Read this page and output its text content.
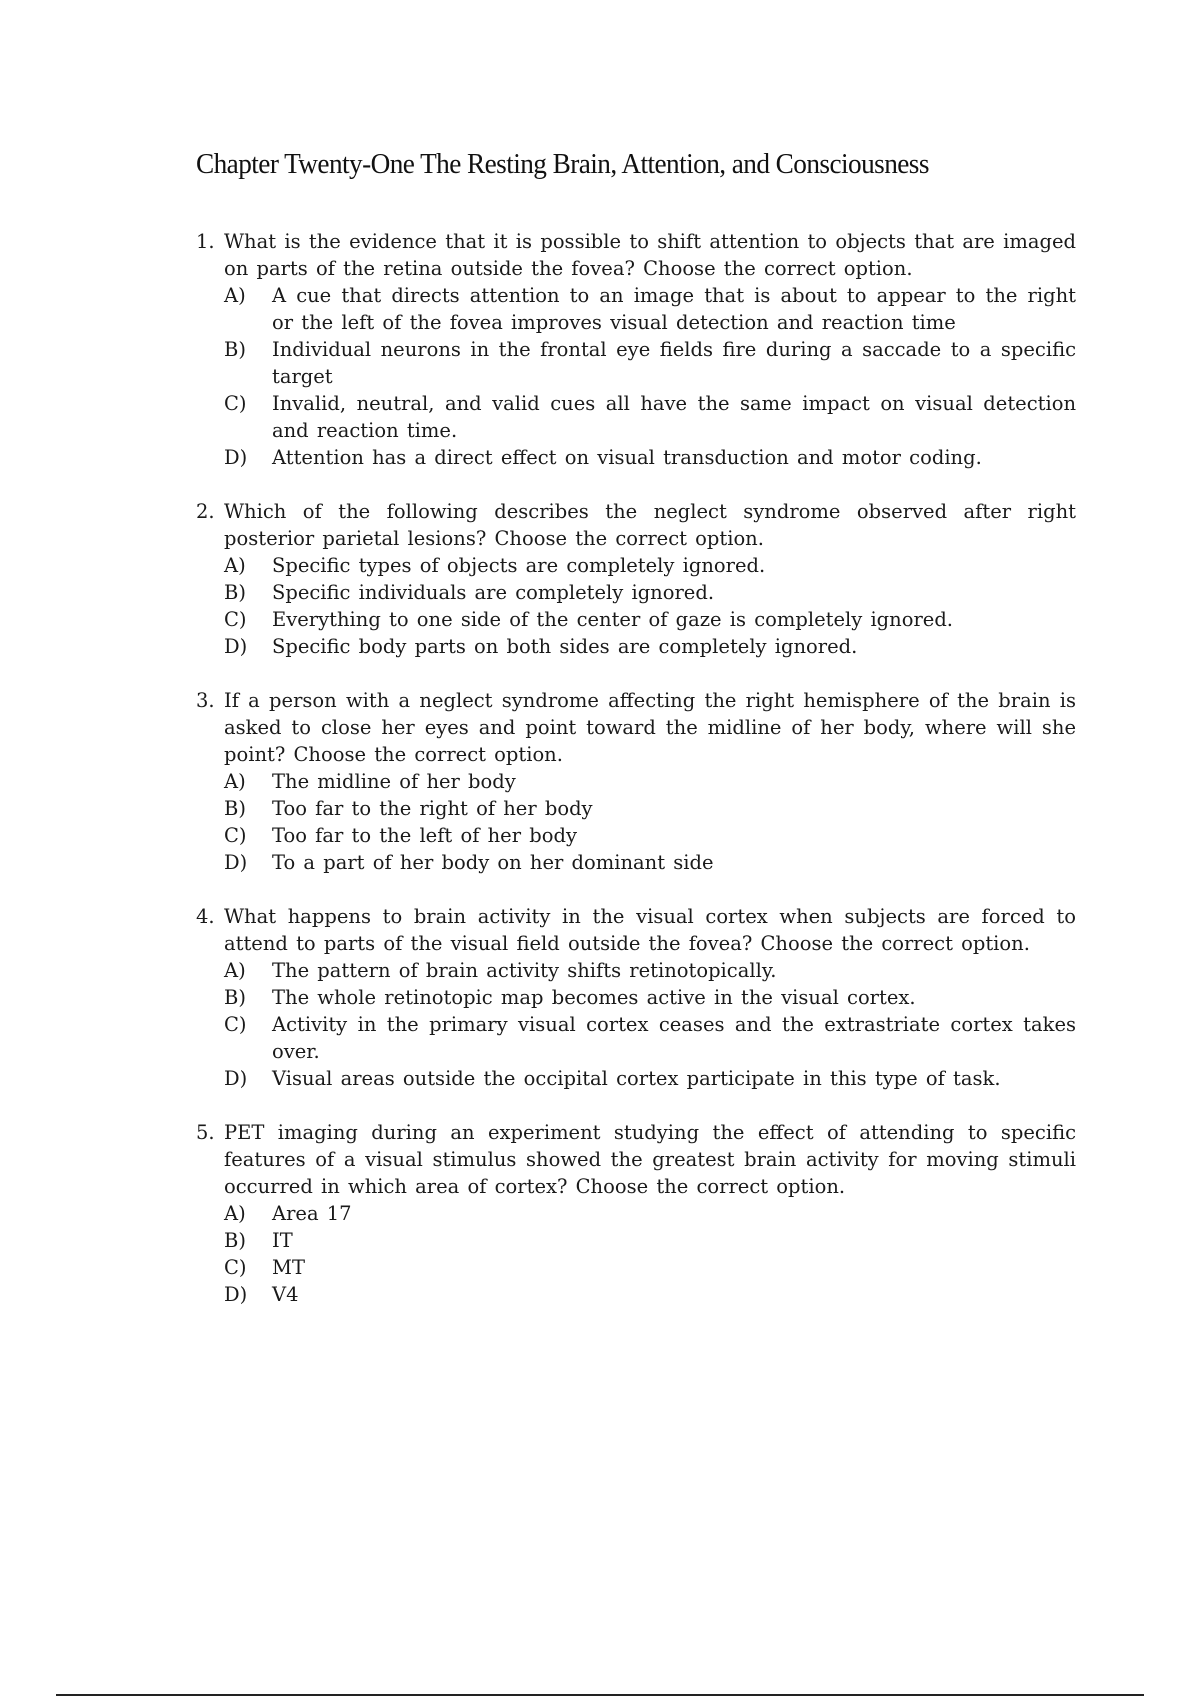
Chapter Twenty-One The Resting Brain, Attention, and Consciousness
1. What is the evidence that it is possible to shift attention to objects that are imaged on parts of the retina outside the fovea? Choose the correct option.
A) A cue that directs attention to an image that is about to appear to the right or the left of the fovea improves visual detection and reaction time
B) Individual neurons in the frontal eye fields fire during a saccade to a specific target
C) Invalid, neutral, and valid cues all have the same impact on visual detection and reaction time.
D) Attention has a direct effect on visual transduction and motor coding.
2. Which of the following describes the neglect syndrome observed after right posterior parietal lesions? Choose the correct option.
A) Specific types of objects are completely ignored.
B) Specific individuals are completely ignored.
C) Everything to one side of the center of gaze is completely ignored.
D) Specific body parts on both sides are completely ignored.
3. If a person with a neglect syndrome affecting the right hemisphere of the brain is asked to close her eyes and point toward the midline of her body, where will she point? Choose the correct option.
A) The midline of her body
B) Too far to the right of her body
C) Too far to the left of her body
D) To a part of her body on her dominant side
4. What happens to brain activity in the visual cortex when subjects are forced to attend to parts of the visual field outside the fovea? Choose the correct option.
A) The pattern of brain activity shifts retinotopically.
B) The whole retinotopic map becomes active in the visual cortex.
C) Activity in the primary visual cortex ceases and the extrastriate cortex takes over.
D) Visual areas outside the occipital cortex participate in this type of task.
5. PET imaging during an experiment studying the effect of attending to specific features of a visual stimulus showed the greatest brain activity for moving stimuli occurred in which area of cortex? Choose the correct option.
A) Area 17
B) IT
C) MT
D) V4
